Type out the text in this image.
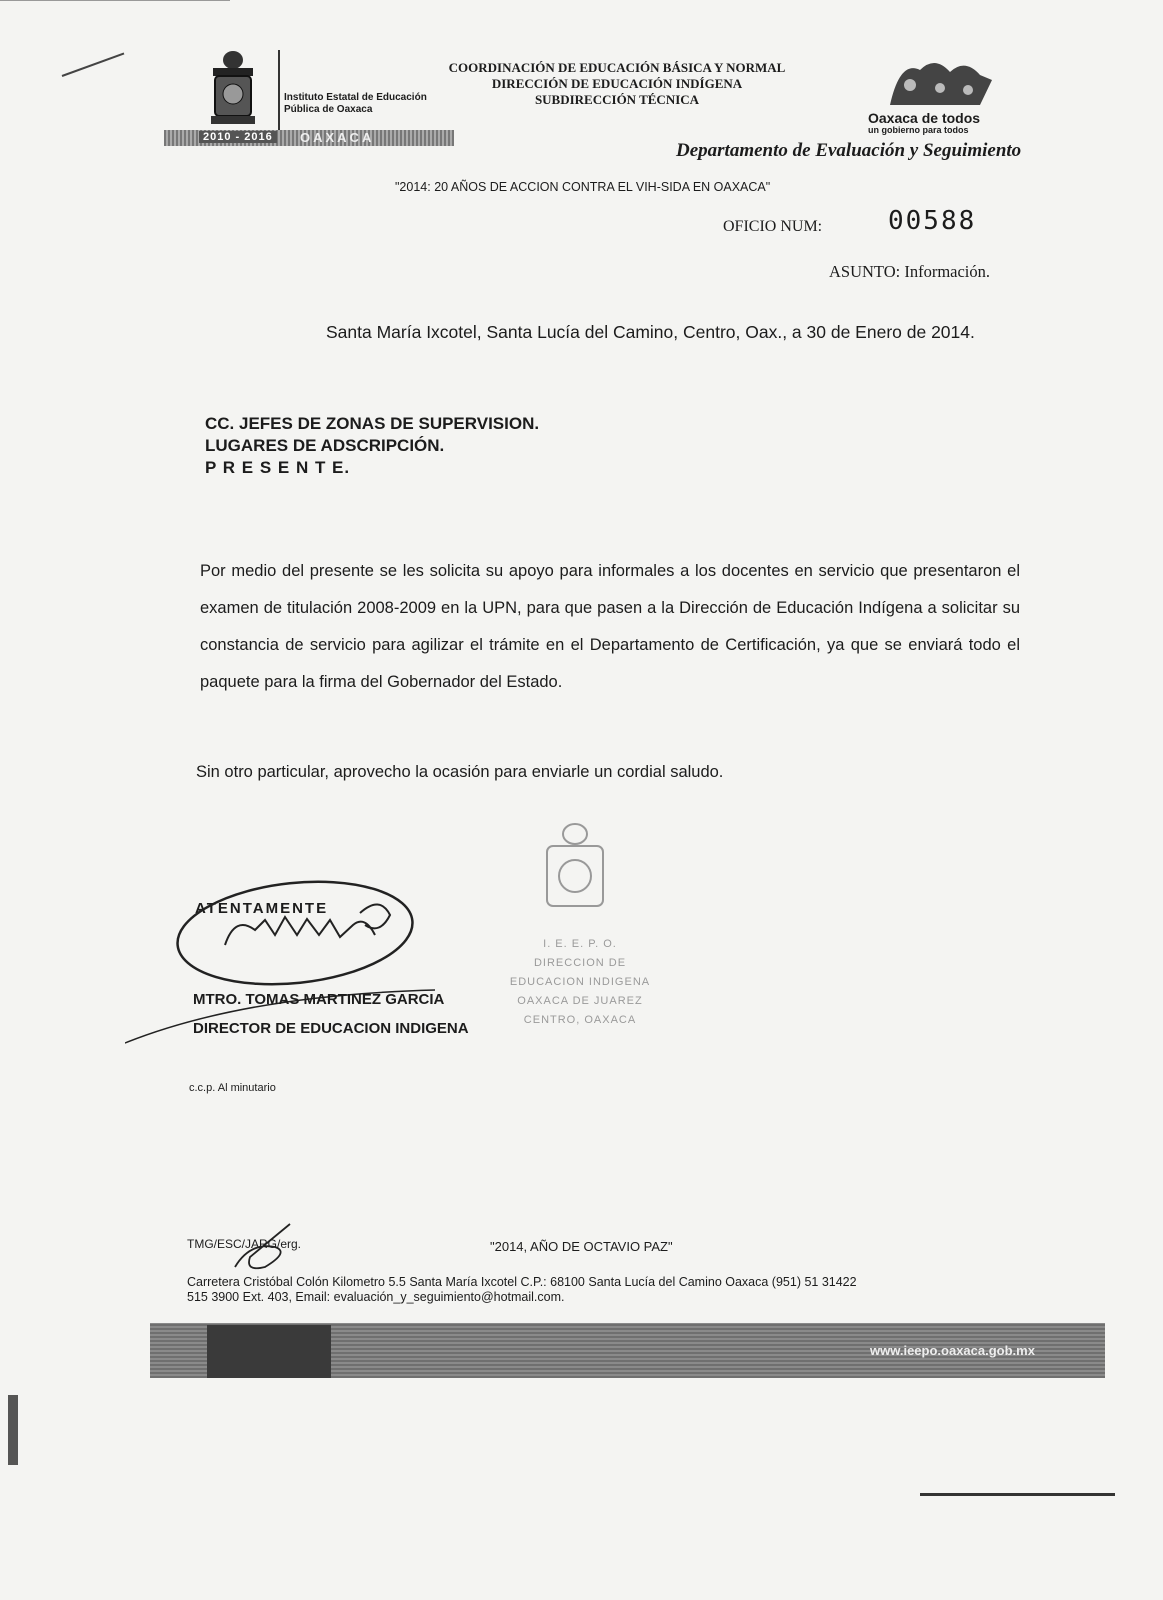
Instituto Estatal de Educación
Pública de Oaxaca
2010 - 2016	OAXACA
COORDINACIÓN DE EDUCACIÓN BÁSICA Y NORMAL
DIRECCIÓN DE EDUCACIÓN INDÍGENA
SUBDIRECCIÓN TÉCNICA
Oaxaca de todos
un gobierno para todos
Departamento de Evaluación y Seguimiento
"2014: 20 AÑOS DE ACCION CONTRA EL VIH-SIDA EN OAXACA"
OFICIO NUM:	00588
ASUNTO: Información.
Santa María Ixcotel, Santa Lucía del Camino, Centro, Oax., a 30 de Enero de 2014.
CC. JEFES DE ZONAS DE SUPERVISION.
LUGARES DE ADSCRIPCIÓN.
P R E S E N T E.
Por medio del presente se les solicita su apoyo para informales a los docentes en servicio que presentaron el examen de titulación 2008-2009 en la UPN, para que pasen a la Dirección de Educación Indígena a solicitar su constancia de servicio para agilizar el trámite en el Departamento de Certificación, ya que se enviará todo el paquete para la firma del Gobernador del Estado.
Sin otro particular, aprovecho la ocasión para enviarle un cordial saludo.
I. E. E. P. O.
DIRECCION DE
EDUCACION INDIGENA
OAXACA DE JUAREZ
CENTRO, OAXACA
ATENTAMENTE
MTRO. TOMAS MARTINEZ GARCIA
DIRECTOR DE EDUCACION INDIGENA
c.c.p. Al minutario
TMG/ESC/JARG/erg.	"2014, AÑO DE OCTAVIO PAZ"
Carretera Cristóbal Colón Kilometro 5.5 Santa María Ixcotel C.P.: 68100 Santa Lucía del Camino Oaxaca (951) 51 31422
515 3900 Ext. 403, Email: evaluación_y_seguimiento@hotmail.com.
www.ieepo.oaxaca.gob.mx
